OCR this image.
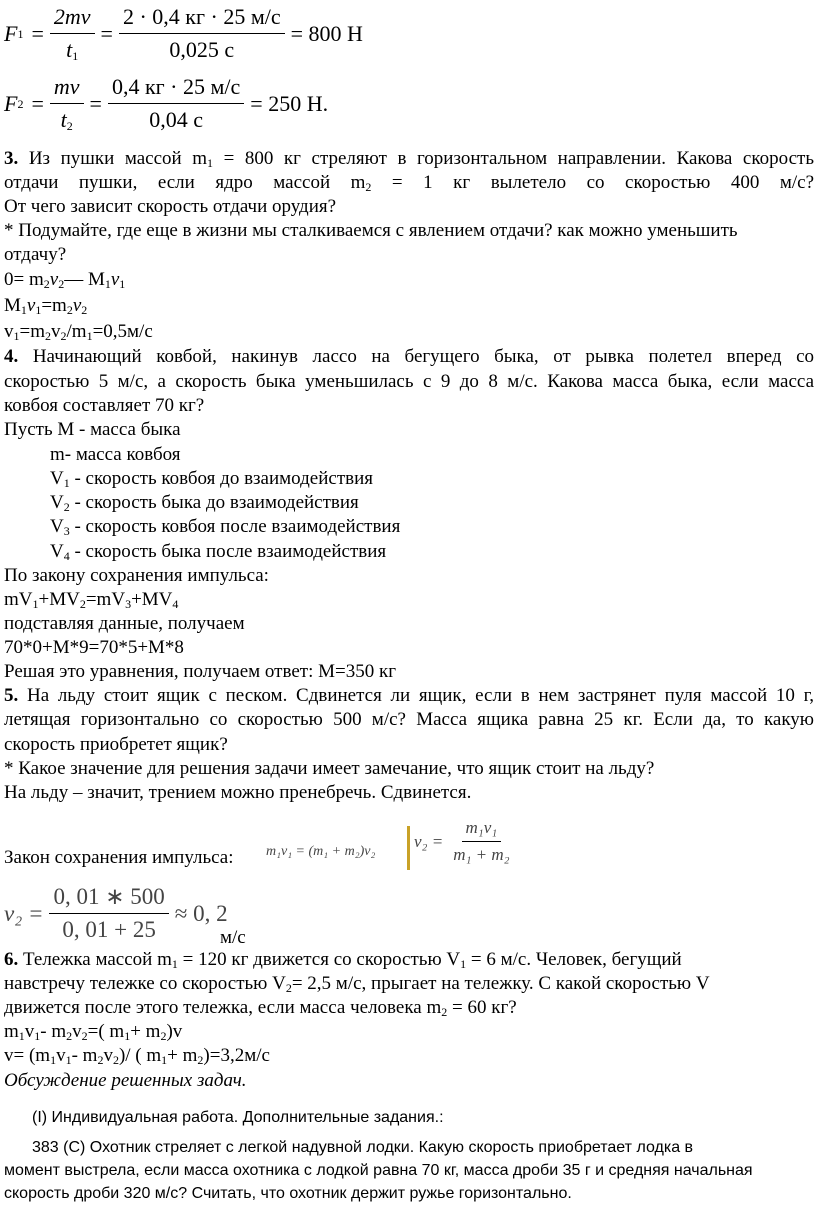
F $1 = \frac{2mv}{t_1} = \frac{2 \cdot 0,4 кг \cdot 25 м/с}{0,025 с} = 800$ Н
F $2 = \frac{mv}{t_2} = \frac{0,4 кг \cdot 25 м/с}{0,04 с} = 250$ Н.
3. Из пушки массой $m_1 = 800$ кг стреляют в горизонтальном направлении. Какова скорость
отдачи пушки, если ядро массой $m_2 = 1$ кг вылетело со скоростью 400 м/с?
От чего зависит скорость отдачи орудия?
* Подумайте, где еще в жизни мы сталкиваемся с явлением отдачи? как можно уменьшить
отдачу?
$0= m_2v_2—$ $M_1v_1$
$M_1v_1=m_2v_2$
$v_1=m_2v_2/m_1=0,5м/с$
4. Начинающий ковбой, накинув лассо на бегущего быка, от рывка полетел вперед со
скоростью 5 м/с, а скорость быка уменьшилась с 9 до 8 м/с. Какова масса быка, если масса
ковбоя составляет 70 кг?
Пусть М - масса быка
m- масса ковбоя
$V_1$ - скорость ковбоя до взаимодействия
$V_2$ - скорость быка до взаимодействия
$V_3$ - скорость ковбоя после взаимодействия
$V_4$ - скорость быка после взаимодействия
По закону сохранения импульса:
$mV_1+MV_2=mV_3+MV_4$
подставляя данные, получаем
70*0+M*9=70*5+M*8
Решая это уравнения, получаем ответ: М=350 кг
5. На льду стоит ящик с песком. Сдвинется ли ящик, если в нем застрянет пуля массой 10 г,
летящая горизонтально со скоростью 500 м/с? Масса ящика равна 25 кг. Если да, то какую
скорость приобретет ящик?
* Какое значение для решения задачи имеет замечание, что ящик стоит на льду?
На льду – значит, трением можно пренебречь. Сдвинется.
Закон сохранения импульса: m₁v₁ = (m₁ + m₂)v₂
$v_2 = \frac{\text{m₁v₁}}{\text{m₁ + m₂}}$
$v_2 = \frac{0, 01 ∗ 500}{0, 01 + 25} \approx 0$, 2
м/с
6. Тележка массой $m_1 = 120$ кг движется со скоростью $V_1 = 6$ м/с. Человек, бегущий
навстречу тележке со скоростью $V_2= 2,5$ м/с, прыгает на тележку. С какой скоростью V
движется после этого тележка, если масса человека $m_2 = 60$ кг?
$m_1v_1-$ $m_2v_2=$( $m_1+ m_2)v$
$v= (m_1v_1-$ $m_2v_2)/$ ( $m_1+ m_2)=3,2м/с$
Обсуждение решенных задач.
(I) Индивидуальная работа. Дополнительные задания.:
383 (С) Охотник стреляет с легкой надувной лодки. Какую скорость приобретает лодка в
момент выстрела, если масса охотника с лодкой равна 70 кг, масса дроби 35 г и средняя начальная
скорость дроби 320 м/с? Считать, что охотник держит ружье горизонтально.
